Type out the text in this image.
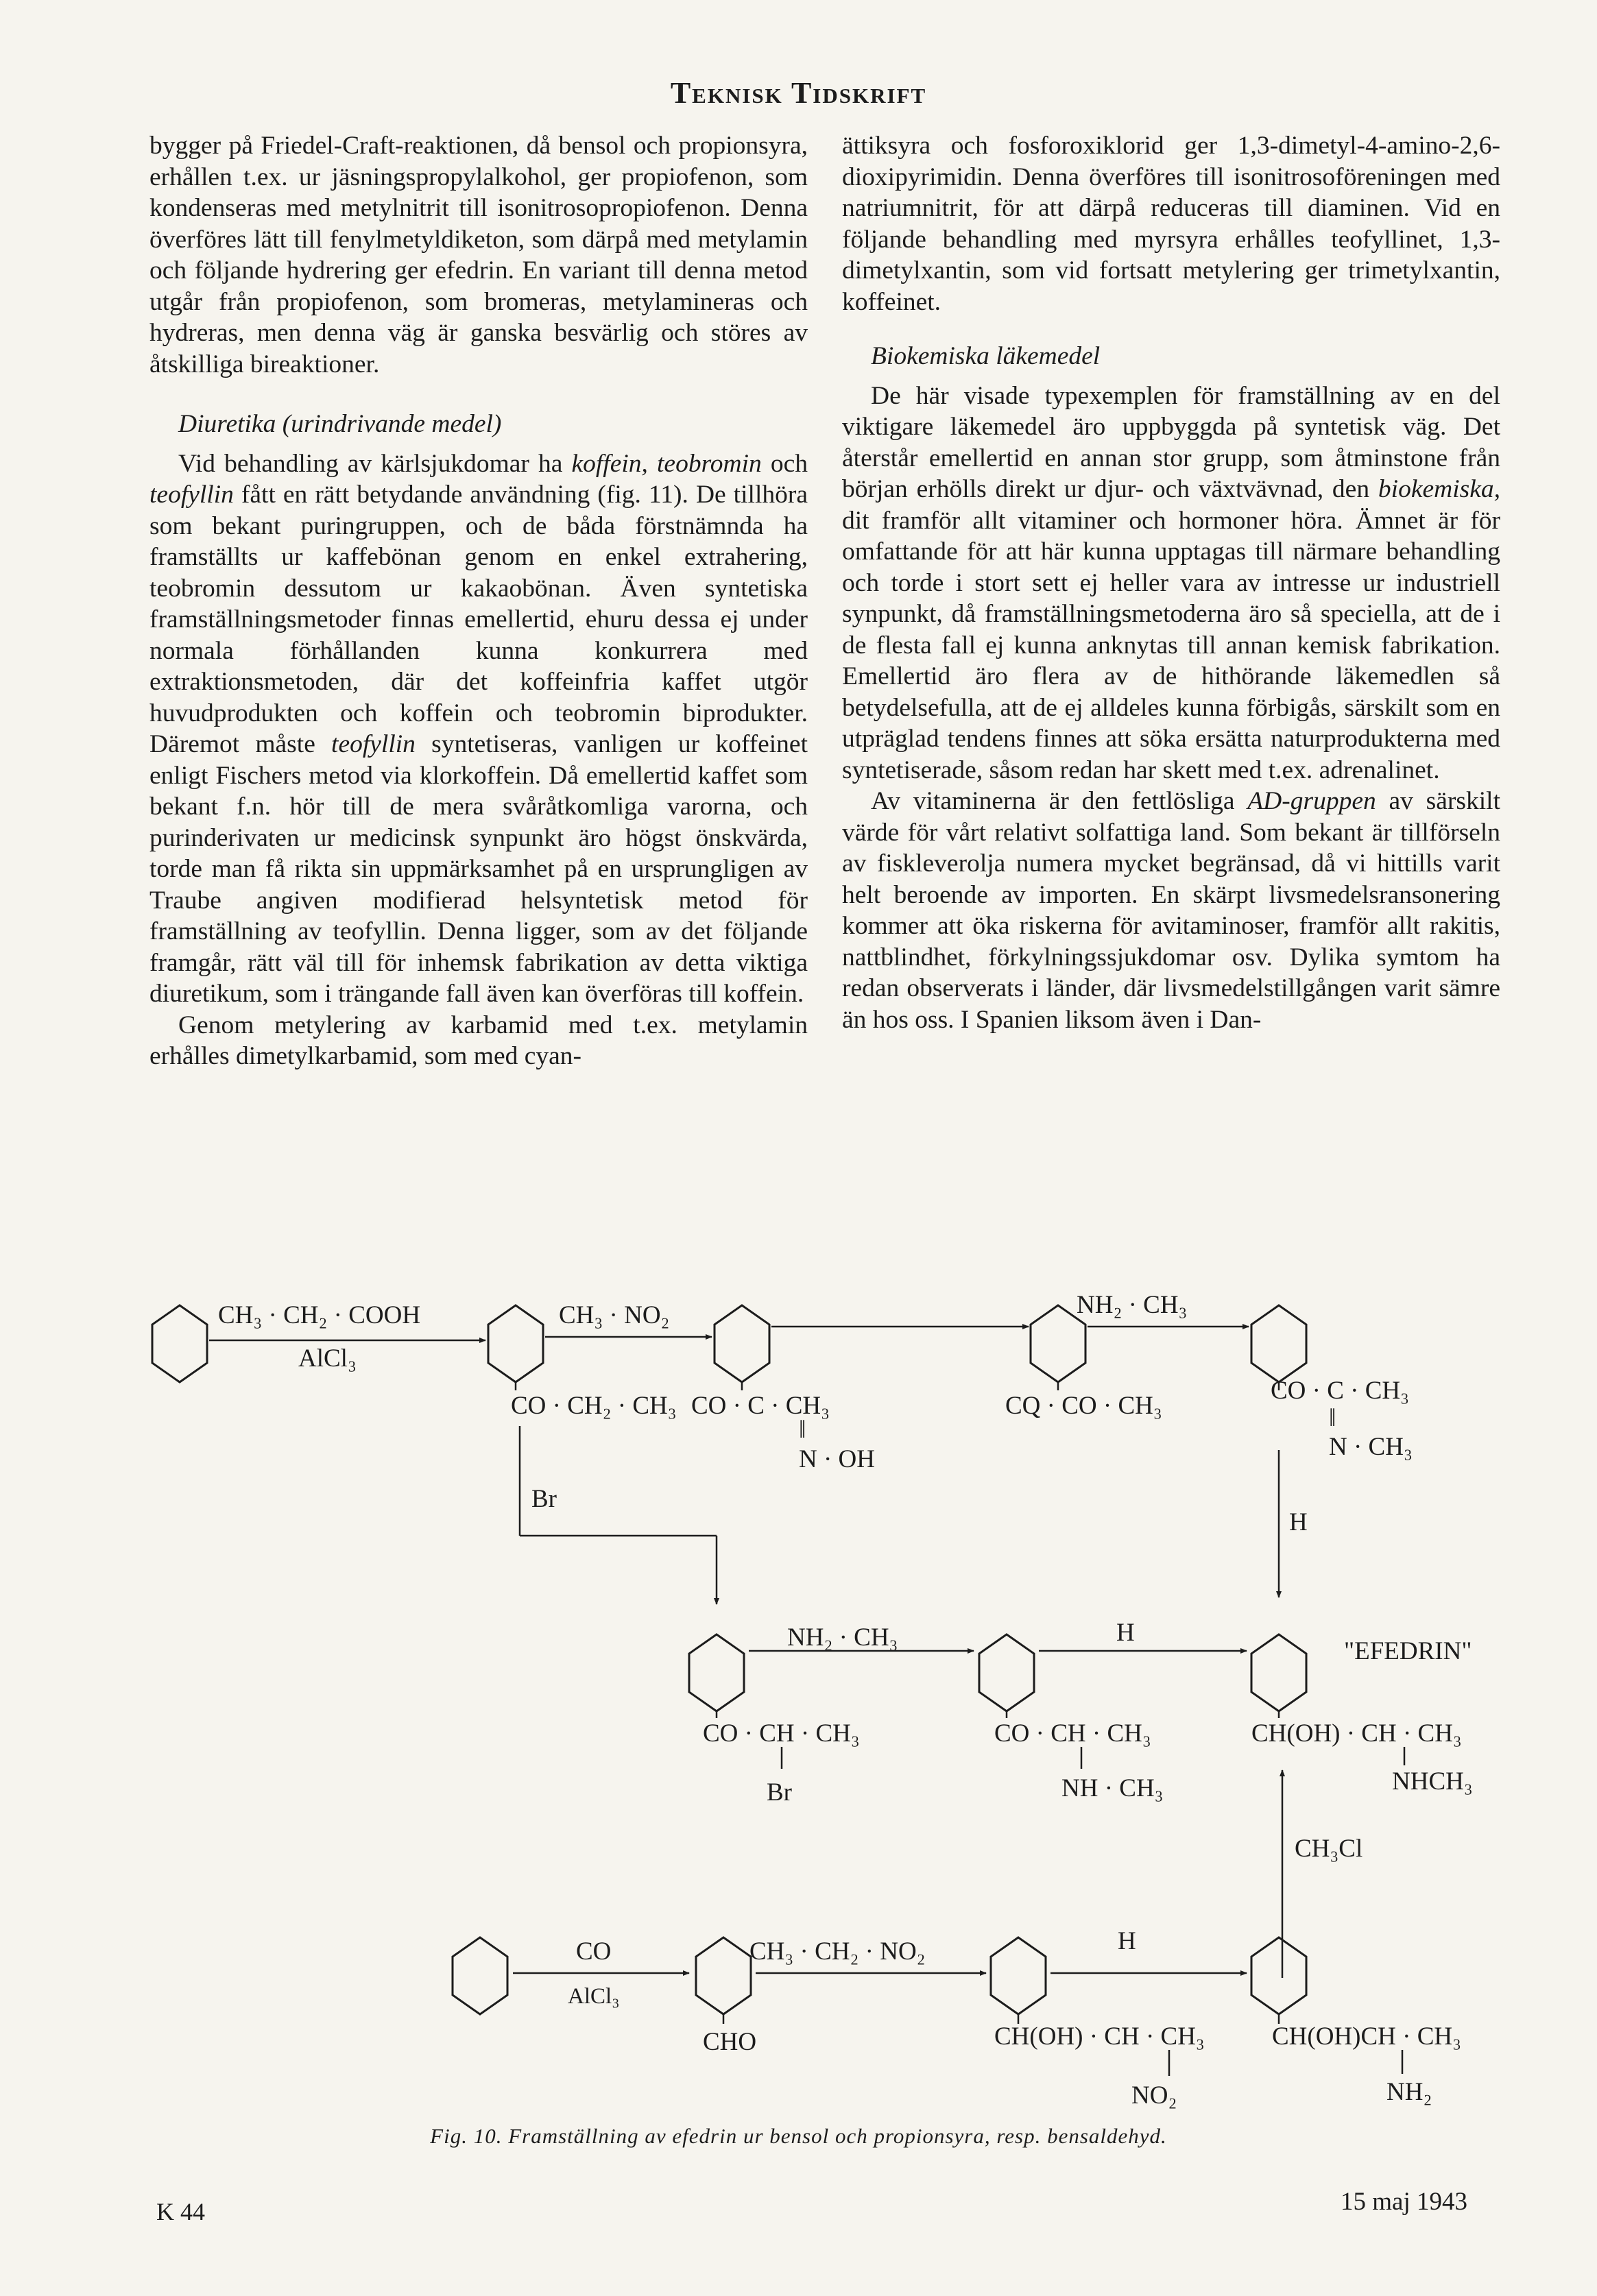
Teknisk Tidskrift

bygger på Friedel-Craft-reaktionen, då bensol och propionsyra, erhållen t.ex. ur jäsningspropylalkohol, ger propiofenon, som kondenseras med metylnitrit till isonitrosopropiofenon. Denna överföres lätt till fenylmetyldiketon, som därpå med metylamin och följande hydrering ger efedrin. En variant till denna metod utgår från propiofenon, som bromeras, metylamineras och hydreras, men denna väg är ganska besvärlig och störes av åtskilliga bireaktioner.

Diuretika (urindrivande medel)

Vid behandling av kärlsjukdomar ha koffein, teobromin och teofyllin fått en rätt betydande användning (fig. 11). De tillhöra som bekant puringruppen, och de båda förstnämnda ha framställts ur kaffebönan genom en enkel extrahering, teobromin dessutom ur kakaobönan. Även syntetiska framställningsmetoder finnas emellertid, ehuru dessa ej under normala förhållanden kunna konkurrera med extraktionsmetoden, där det koffeinfria kaffet utgör huvudprodukten och koffein och teobromin biprodukter. Däremot måste teofyllin syntetiseras, vanligen ur koffeinet enligt Fischers metod via klorkoffein. Då emellertid kaffet som bekant f.n. hör till de mera svåråtkomliga varorna, och purinderivaten ur medicinsk synpunkt äro högst önskvärda, torde man få rikta sin uppmärksamhet på en ursprungligen av Traube angiven modifierad helsyntetisk metod för framställning av teofyllin. Denna ligger, som av det följande framgår, rätt väl till för inhemsk fabrikation av detta viktiga diuretikum, som i trängande fall även kan överföras till koffein.

Genom metylering av karbamid med t.ex. metylamin erhålles dimetylkarbamid, som med cyan-

ättiksyra och fosforoxiklorid ger 1,3-dimetyl-4-amino-2,6-dioxipyrimidin. Denna överföres till isonitrosoföreningen med natriumnitrit, för att därpå reduceras till diaminen. Vid en följande behandling med myrsyra erhålles teofyllinet, 1,3-dimetylxantin, som vid fortsatt metylering ger trimetylxantin, koffeinet.

Biokemiska läkemedel

De här visade typexemplen för framställning av en del viktigare läkemedel äro uppbyggda på syntetisk väg. Det återstår emellertid en annan stor grupp, som åtminstone från början erhölls direkt ur djur- och växtvävnad, den biokemiska, dit framför allt vitaminer och hormoner höra. Ämnet är för omfattande för att här kunna upptagas till närmare behandling och torde i stort sett ej heller vara av intresse ur industriell synpunkt, då framställningsmetoderna äro så speciella, att de i de flesta fall ej kunna anknytas till annan kemisk fabrikation. Emellertid äro flera av de hithörande läkemedlen så betydelsefulla, att de ej alldeles kunna förbigås, särskilt som en utpräglad tendens finnes att söka ersätta naturprodukterna med syntetiserade, såsom redan har skett med t.ex. adrenalinet.

Av vitaminerna är den fettlösliga AD-gruppen av särskilt värde för vårt relativt solfattiga land. Som bekant är tillförseln av fiskleverolja numera mycket begränsad, då vi hittills varit helt beroende av importen. En skärpt livsmedelsransonering kommer att öka riskerna för avitaminoser, framför allt rakitis, nattblindhet, förkylningssjukdomar osv. Dylika symtom ha redan observerats i länder, där livsmedelstillgången varit sämre än hos oss. I Spanien liksom även i Dan-

CH₃ · CH₂ · COOH
AlCl₃
CH₃ · NO₂	NH₂ · CH₃
CO · CH₂ · CH₃ CO · C · CH₃
‖
N · OH
CQ · CO · CH₃
CO · C · CH₃
‖
N · CH₃
Br
H
NH₂ · CH₃	H
"EFEDRIN"
CO · CH · CH₃
Br
CO · CH · CH₃
NH · CH₃
CH(OH) · CH · CH₃
NHCH₃
CH₃Cl
CO
AlCl₃
CH₃ · CH₂ · NO₂	H
CHO	CH(OH) · CH · CH₃
NO₂
CH(OH)CH · CH₃
NH₂
Fig. 10. Framställning av efedrin ur bensol och propionsyra, resp. bensaldehyd.
K 44	15 maj 1943
